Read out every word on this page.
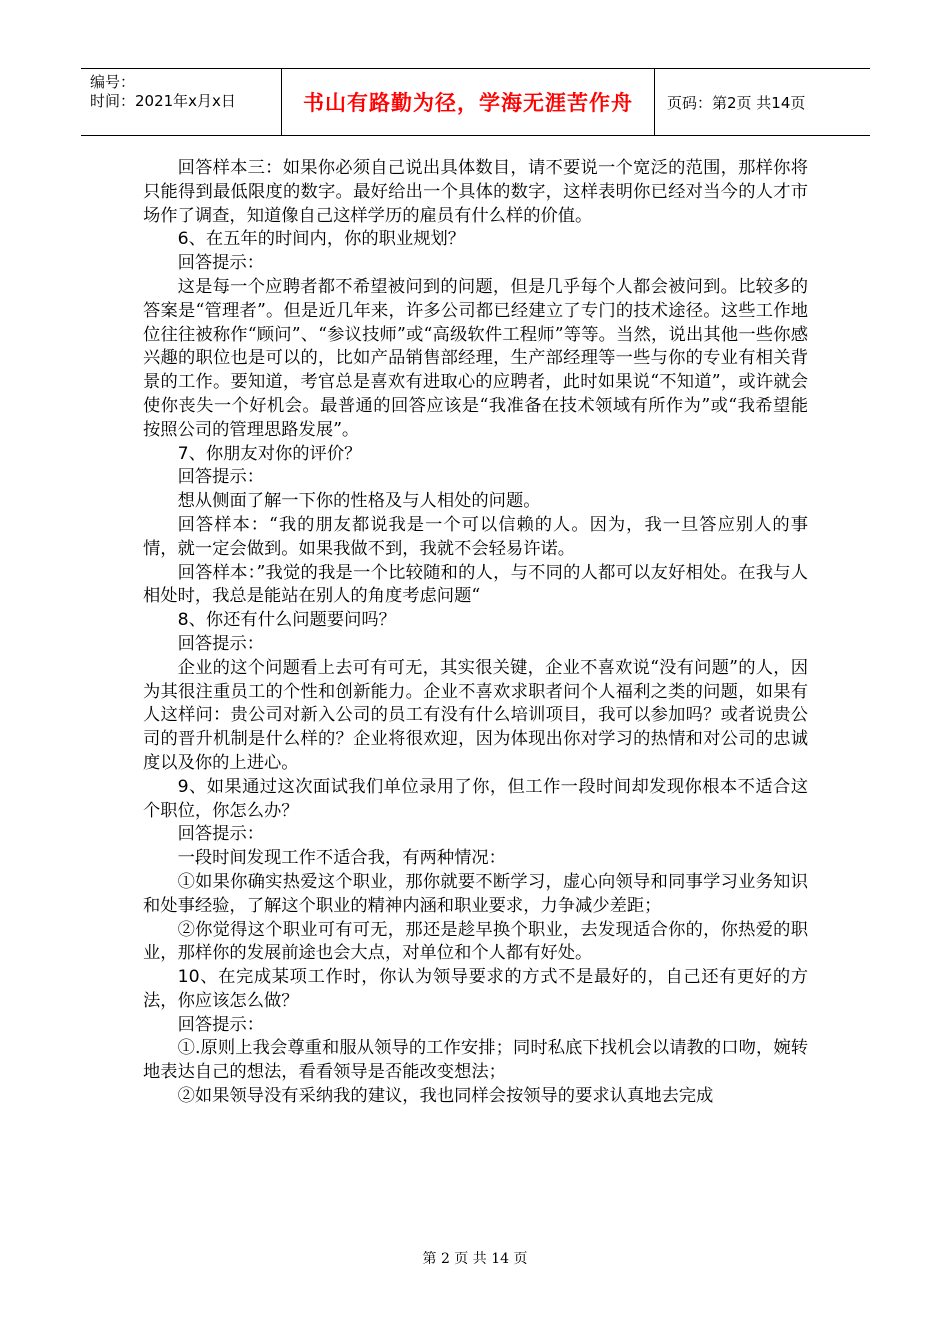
编号：
时间：2021年x月x日	书山有路勤为径，学海无涯苦作舟	页码：第2页 共14页

回答样本三：如果你必须自己说出具体数目，请不要说一个宽泛的范围，那样你将只能得到最低限度的数字。最好给出一个具体的数字，这样表明你已经对当今的人才市场作了调查，知道像自己这样学历的雇员有什么样的价值。

6、在五年的时间内，你的职业规划？

回答提示：

这是每一个应聘者都不希望被问到的问题，但是几乎每个人都会被问到。比较多的答案是“管理者”。但是近几年来，许多公司都已经建立了专门的技术途径。这些工作地位往往被称作“顾问”、“参议技师”或“高级软件工程师”等等。当然，说出其他一些你感兴趣的职位也是可以的，比如产品销售部经理，生产部经理等一些与你的专业有相关背景的工作。要知道，考官总是喜欢有进取心的应聘者，此时如果说“不知道”，或许就会使你丧失一个好机会。最普通的回答应该是“我准备在技术领域有所作为”或“我希望能按照公司的管理思路发展”。

7、你朋友对你的评价？

回答提示：

想从侧面了解一下你的性格及与人相处的问题。

回答样本：“我的朋友都说我是一个可以信赖的人。因为，我一旦答应别人的事情，就一定会做到。如果我做不到，我就不会轻易许诺。

回答样本：”我觉的我是一个比较随和的人，与不同的人都可以友好相处。在我与人相处时，我总是能站在别人的角度考虑问题“

8、你还有什么问题要问吗？

回答提示：

企业的这个问题看上去可有可无，其实很关键，企业不喜欢说“没有问题”的人，因为其很注重员工的个性和创新能力。企业不喜欢求职者问个人福利之类的问题，如果有人这样问：贵公司对新入公司的员工有没有什么培训项目，我可以参加吗？或者说贵公司的晋升机制是什么样的？企业将很欢迎，因为体现出你对学习的热情和对公司的忠诚度以及你的上进心。

9、如果通过这次面试我们单位录用了你，但工作一段时间却发现你根本不适合这个职位，你怎么办？

回答提示：

一段时间发现工作不适合我，有两种情况：

①如果你确实热爱这个职业，那你就要不断学习，虚心向领导和同事学习业务知识和处事经验，了解这个职业的精神内涵和职业要求，力争减少差距；

②你觉得这个职业可有可无，那还是趁早换个职业，去发现适合你的，你热爱的职业，那样你的发展前途也会大点，对单位和个人都有好处。

10、在完成某项工作时，你认为领导要求的方式不是最好的，自己还有更好的方法，你应该怎么做？

回答提示：

①.原则上我会尊重和服从领导的工作安排；同时私底下找机会以请教的口吻，婉转地表达自己的想法，看看领导是否能改变想法；

②如果领导没有采纳我的建议，我也同样会按领导的要求认真地去完成

第 2 页 共 14 页
